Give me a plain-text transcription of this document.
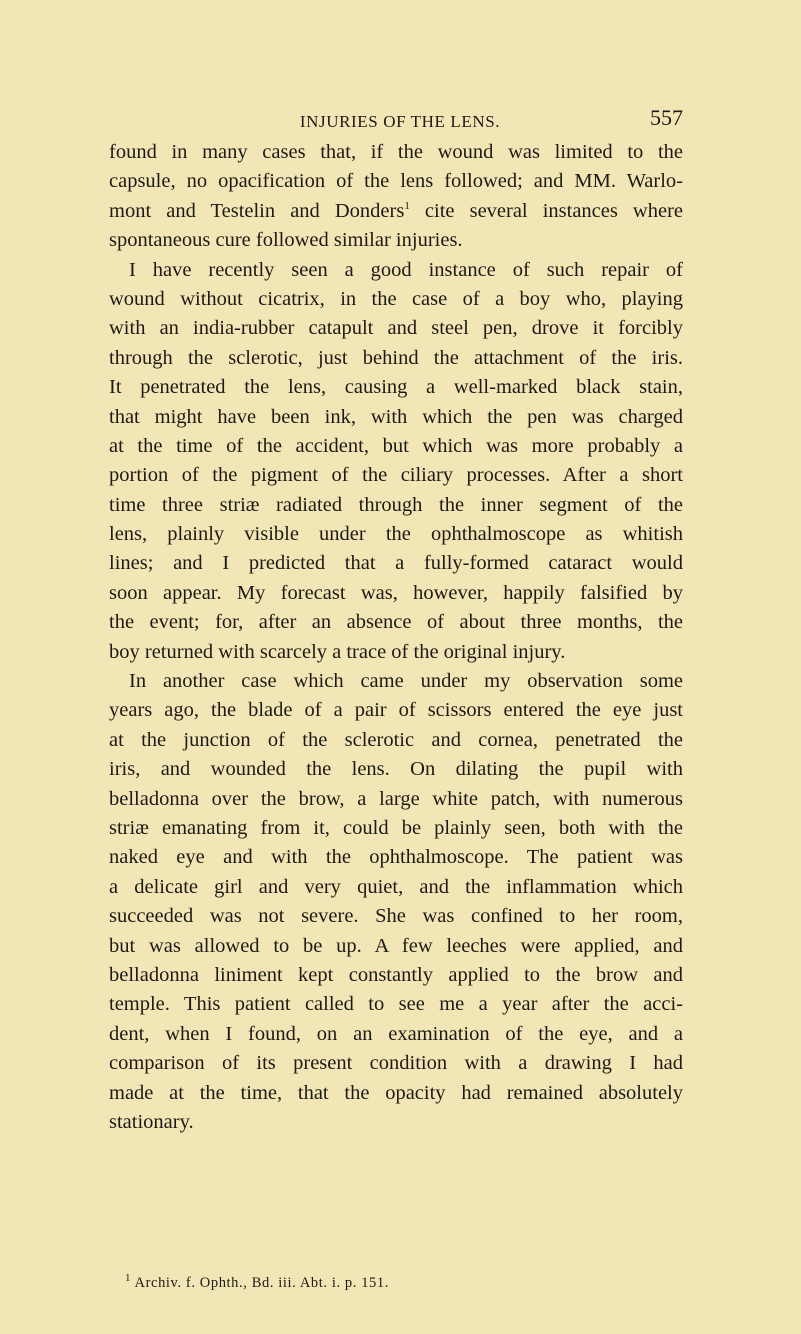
INJURIES OF THE LENS.	557
found in many cases that, if the wound was limited to the
capsule, no opacification of the lens followed; and MM. Warlo-
mont and Testelin and Donders$^1$ cite several instances where
spontaneous cure followed similar injuries.
I have recently seen a good instance of such repair of
wound without cicatrix, in the case of a boy who, playing
with an india-rubber catapult and steel pen, drove it forcibly
through the sclerotic, just behind the attachment of the iris.
It penetrated the lens, causing a well-marked black stain,
that might have been ink, with which the pen was charged
at the time of the accident, but which was more probably a
portion of the pigment of the ciliary processes. After a short
time three striæ radiated through the inner segment of the
lens, plainly visible under the ophthalmoscope as whitish
lines; and I predicted that a fully-formed cataract would
soon appear. My forecast was, however, happily falsified by
the event; for, after an absence of about three months, the
boy returned with scarcely a trace of the original injury.
In another case which came under my observation some
years ago, the blade of a pair of scissors entered the eye just
at the junction of the sclerotic and cornea, penetrated the
iris, and wounded the lens. On dilating the pupil with
belladonna over the brow, a large white patch, with numerous
striæ emanating from it, could be plainly seen, both with the
naked eye and with the ophthalmoscope. The patient was
a delicate girl and very quiet, and the inflammation which
succeeded was not severe. She was confined to her room,
but was allowed to be up. A few leeches were applied, and
belladonna liniment kept constantly applied to the brow and
temple. This patient called to see me a year after the acci-
dent, when I found, on an examination of the eye, and a
comparison of its present condition with a drawing I had
made at the time, that the opacity had remained absolutely
stationary.
$^1$ Archiv. f. Ophth., Bd. iii. Abt. i. p. 151.
